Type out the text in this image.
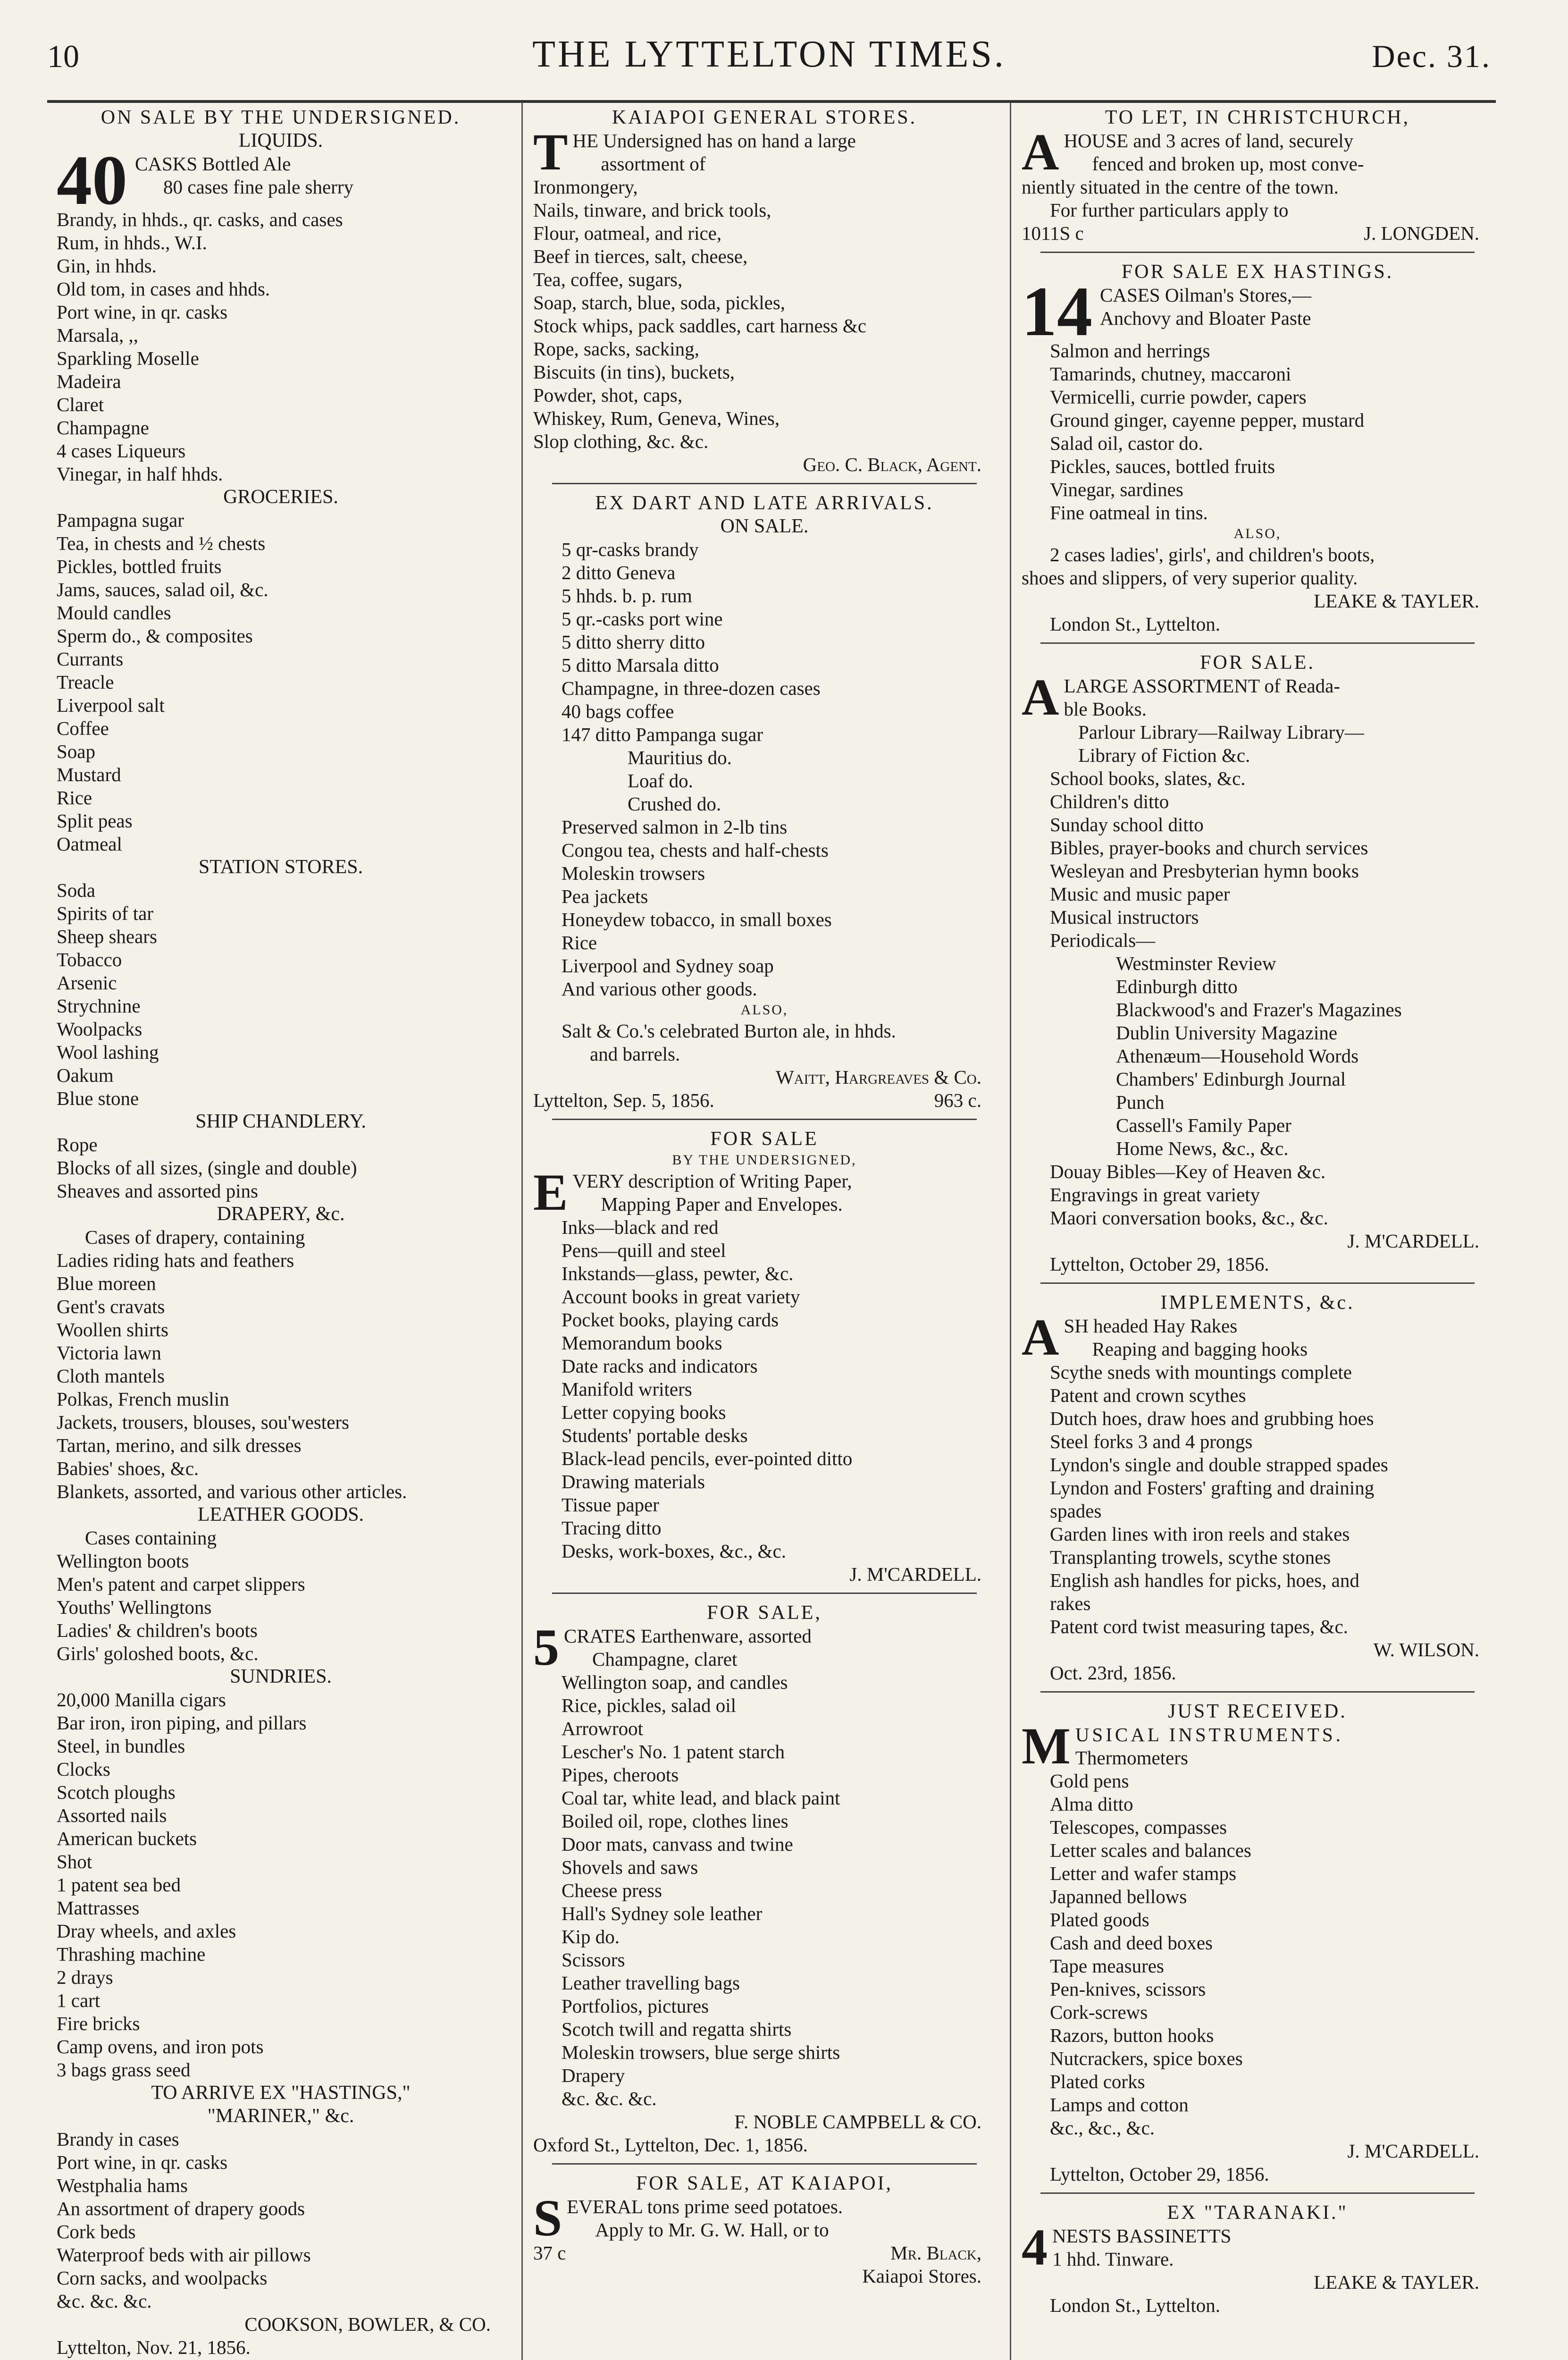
10	THE LYTTELTON TIMES.	Dec. 31.
ON SALE BY THE UNDERSIGNED.
LIQUIDS.
40 CASKS Bottled Ale
80 cases fine pale sherry
Brandy, in hhds., qr. casks, and cases
Rum, in hhds., W.I.
Gin, in hhds.
Old tom, in cases and hhds.
Port wine, in qr. casks
Marsala, ,,
Sparkling Moselle
Madeira
Claret
Champagne
4 cases Liqueurs
Vinegar, in half hhds.
GROCERIES.
Pampagna sugar
Tea, in chests and ½ chests
Pickles, bottled fruits
Jams, sauces, salad oil, &c.
Mould candles
Sperm do., & composites
Currants
Treacle
Liverpool salt
Coffee
Soap
Mustard
Rice
Split peas
Oatmeal
STATION STORES.
Soda
Spirits of tar
Sheep shears
Tobacco
Arsenic
Strychnine
Woolpacks
Wool lashing
Oakum
Blue stone
SHIP CHANDLERY.
Rope
Blocks of all sizes, (single and double)
Sheaves and assorted pins
DRAPERY, &c.
Cases of drapery, containing
Ladies riding hats and feathers
Blue moreen
Gent's cravats
Woollen shirts
Victoria lawn
Cloth mantels
Polkas, French muslin
Jackets, trousers, blouses, sou'westers
Tartan, merino, and silk dresses
Babies' shoes, &c.
Blankets, assorted, and various other articles.
LEATHER GOODS.
Cases containing
Wellington boots
Men's patent and carpet slippers
Youths' Wellingtons
Ladies' & children's boots
Girls' goloshed boots, &c.
SUNDRIES.
20,000 Manilla cigars
Bar iron, iron piping, and pillars
Steel, in bundles
Clocks
Scotch ploughs
Assorted nails
American buckets
Shot
1 patent sea bed
Mattrasses
Dray wheels, and axles
Thrashing machine
2 drays
1 cart
Fire bricks
Camp ovens, and iron pots
3 bags grass seed
TO ARRIVE EX "HASTINGS,"
"MARINER," &c.
Brandy in cases
Port wine, in qr. casks
Westphalia hams
An assortment of drapery goods
Cork beds
Waterproof beds with air pillows
Corn sacks, and woolpacks
&c. &c. &c.
COOKSON, BOWLER, & CO.
Lyttelton, Nov. 21, 1856.
KAIAPOI GENERAL STORES.
T HE Undersigned has on hand a large
assortment of
Ironmongery,
Nails, tinware, and brick tools,
Flour, oatmeal, and rice,
Beef in tierces, salt, cheese,
Tea, coffee, sugars,
Soap, starch, blue, soda, pickles,
Stock whips, pack saddles, cart harness &c
Rope, sacks, sacking,
Biscuits (in tins), buckets,
Powder, shot, caps,
Whiskey, Rum, Geneva, Wines,
Slop clothing, &c. &c.
Geo. C. Black, Agent.
EX DART AND LATE ARRIVALS.
ON SALE.
5 qr-casks brandy
2 ditto Geneva
5 hhds. b. p. rum
5 qr.-casks port wine
5 ditto sherry ditto
5 ditto Marsala ditto
Champagne, in three-dozen cases
40 bags coffee
147 ditto Pampanga sugar
Mauritius do.
Loaf do.
Crushed do.
Preserved salmon in 2-lb tins
Congou tea, chests and half-chests
Moleskin trowsers
Pea jackets
Honeydew tobacco, in small boxes
Rice
Liverpool and Sydney soap
And various other goods.
ALSO,
Salt & Co.'s celebrated Burton ale, in hhds.
and barrels.
Waitt, Hargreaves & Co.
Lyttelton, Sep. 5, 1856.	963 c.
FOR SALE
BY THE UNDERSIGNED,
E VERY description of Writing Paper,
Mapping Paper and Envelopes.
Inks—black and red
Pens—quill and steel
Inkstands—glass, pewter, &c.
Account books in great variety
Pocket books, playing cards
Memorandum books
Date racks and indicators
Manifold writers
Letter copying books
Students' portable desks
Black-lead pencils, ever-pointed ditto
Drawing materials
Tissue paper
Tracing ditto
Desks, work-boxes, &c., &c.
J. M'CARDELL.
FOR SALE,
5 CRATES Earthenware, assorted
Champagne, claret
Wellington soap, and candles
Rice, pickles, salad oil
Arrowroot
Lescher's No. 1 patent starch
Pipes, cheroots
Coal tar, white lead, and black paint
Boiled oil, rope, clothes lines
Door mats, canvass and twine
Shovels and saws
Cheese press
Hall's Sydney sole leather
Kip do.
Scissors
Leather travelling bags
Portfolios, pictures
Scotch twill and regatta shirts
Moleskin trowsers, blue serge shirts
Drapery
&c. &c. &c.
F. NOBLE CAMPBELL & CO.
Oxford St., Lyttelton, Dec. 1, 1856.
FOR SALE, AT KAIAPOI,
S EVERAL tons prime seed potatoes.
Apply to Mr. G. W. Hall, or to
37 c	Mr. Black,
Kaiapoi Stores.
TO LET, IN CHRISTCHURCH,
A HOUSE and 3 acres of land, securely
fenced and broken up, most conve-
niently situated in the centre of the town.
For further particulars apply to
1011S c	J. LONGDEN.
FOR SALE EX HASTINGS.
14 CASES Oilman's Stores,—
Anchovy and Bloater Paste
Salmon and herrings
Tamarinds, chutney, maccaroni
Vermicelli, currie powder, capers
Ground ginger, cayenne pepper, mustard
Salad oil, castor do.
Pickles, sauces, bottled fruits
Vinegar, sardines
Fine oatmeal in tins.
ALSO,
2 cases ladies', girls', and children's boots,
shoes and slippers, of very superior quality.
LEAKE & TAYLER.
London St., Lyttelton.
FOR SALE.
A LARGE ASSORTMENT of Reada-
ble Books.
Parlour Library—Railway Library—
Library of Fiction &c.
School books, slates, &c.
Children's ditto
Sunday school ditto
Bibles, prayer-books and church services
Wesleyan and Presbyterian hymn books
Music and music paper
Musical instructors
Periodicals—
Westminster Review
Edinburgh ditto
Blackwood's and Frazer's Magazines
Dublin University Magazine
Athenæum—Household Words
Chambers' Edinburgh Journal
Punch
Cassell's Family Paper
Home News, &c., &c.
Douay Bibles—Key of Heaven &c.
Engravings in great variety
Maori conversation books, &c., &c.
J. M'CARDELL.
Lyttelton, October 29, 1856.
IMPLEMENTS, &c.
A SH headed Hay Rakes
Reaping and bagging hooks
Scythe sneds with mountings complete
Patent and crown scythes
Dutch hoes, draw hoes and grubbing hoes
Steel forks 3 and 4 prongs
Lyndon's single and double strapped spades
Lyndon and Fosters' grafting and draining
spades
Garden lines with iron reels and stakes
Transplanting trowels, scythe stones
English ash handles for picks, hoes, and
rakes
Patent cord twist measuring tapes, &c.
W. WILSON.
Oct. 23rd, 1856.
JUST RECEIVED.
M USICAL INSTRUMENTS.
Thermometers
Gold pens
Alma ditto
Telescopes, compasses
Letter scales and balances
Letter and wafer stamps
Japanned bellows
Plated goods
Cash and deed boxes
Tape measures
Pen-knives, scissors
Cork-screws
Razors, button hooks
Nutcrackers, spice boxes
Plated corks
Lamps and cotton
&c., &c., &c.
J. M'CARDELL.
Lyttelton, October 29, 1856.
EX "TARANAKI."
4 NESTS BASSINETTS
1 hhd. Tinware.
LEAKE & TAYLER.
London St., Lyttelton.
